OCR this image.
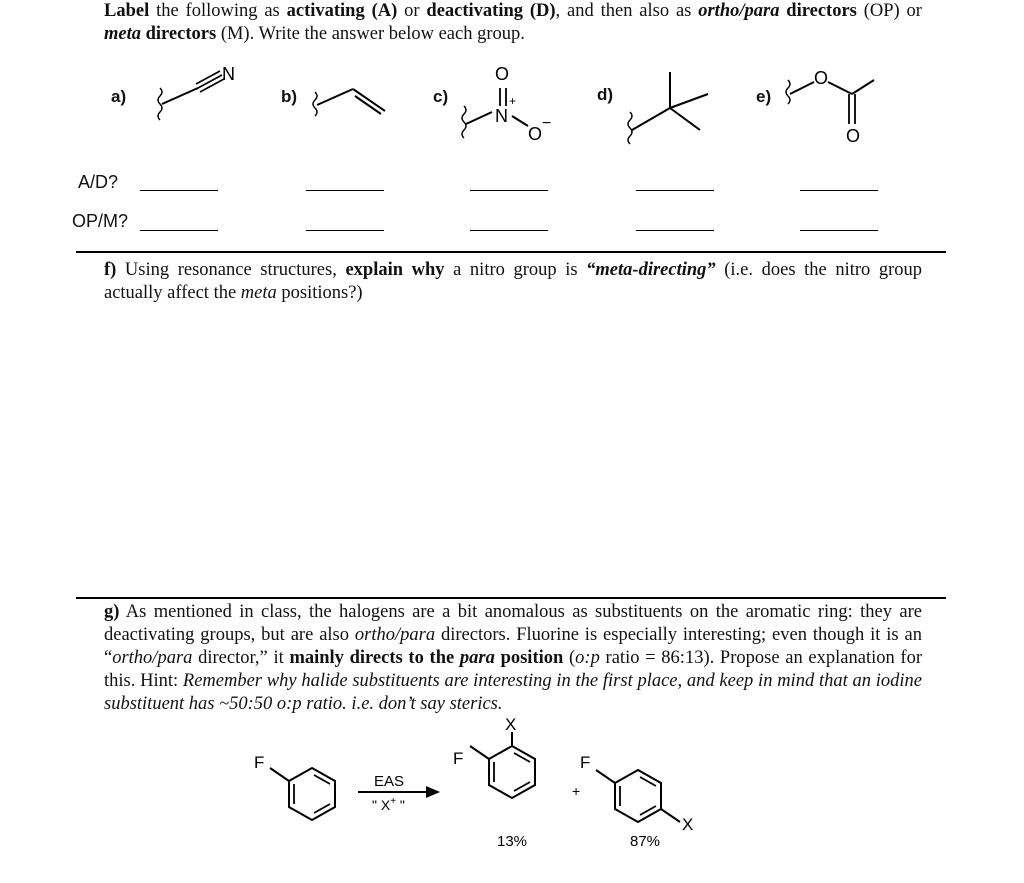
Label the following as activating (A) or deactivating (D), and then also as ortho/para directors (OP) or meta directors (M). Write the answer below each group.

a)	b)	c)	d)	e)
N	O
N
+
O
−
O
O
A/D?
OP/M?

f) Using resonance structures, explain why a nitro group is “meta-directing” (i.e. does the nitro group actually affect the meta positions?)

g) As mentioned in class, the halogens are a bit anomalous as substituents on the aromatic ring: they are deactivating groups, but are also ortho/para directors. Fluorine is especially interesting; even though it is an “ortho/para director,” it mainly directs to the para position (o:p ratio = 86:13). Propose an explanation for this. Hint: Remember why halide substituents are interesting in the first place, and keep in mind that an iodine substituent has ~50:50 o:p ratio. i.e. don’t say sterics.

F
EAS
" X+ "
F
X
13%
+
F
X
87%
